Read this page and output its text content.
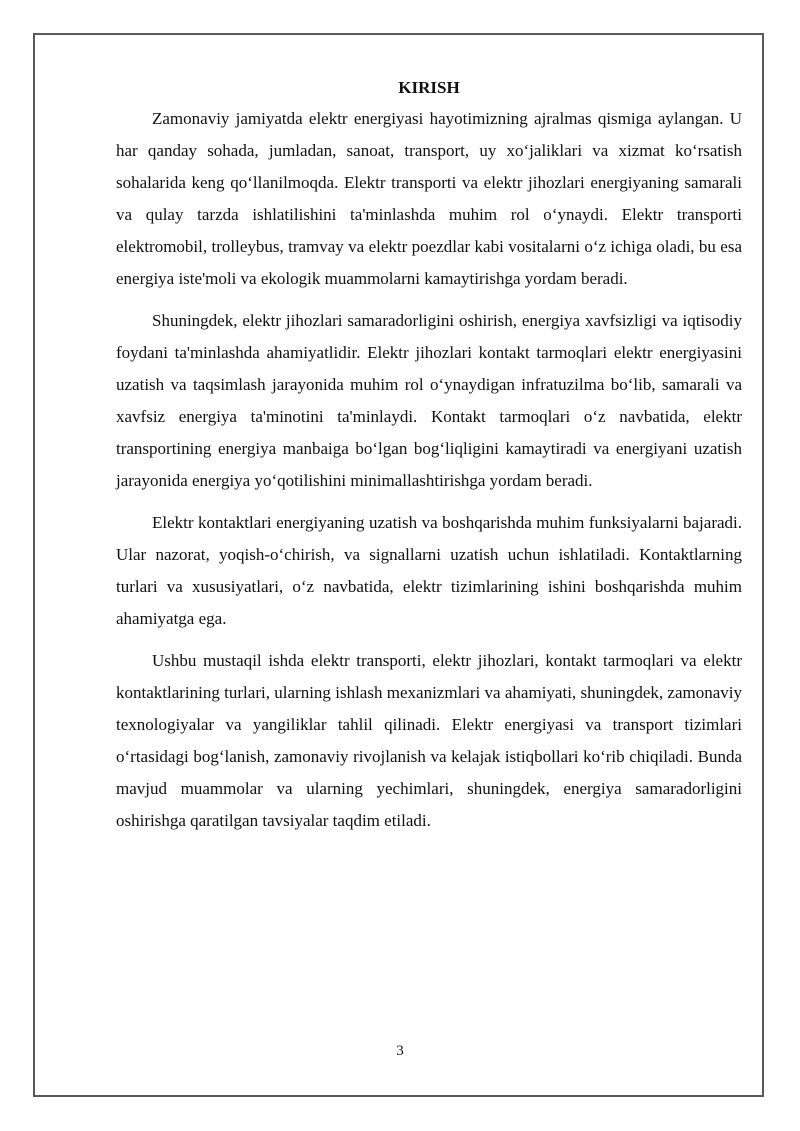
KIRISH

Zamonaviy jamiyatda elektr energiyasi hayotimizning ajralmas qismiga aylangan. U har qanday sohada, jumladan, sanoat, transport, uy xo‘jaliklari va xizmat ko‘rsatish sohalarida keng qo‘llanilmoqda. Elektr transporti va elektr jihozlari energiyaning samarali va qulay tarzda ishlatilishini ta'minlashda muhim rol o‘ynaydi. Elektr transporti elektromobil, trolleybus, tramvay va elektr poezdlar kabi vositalarni o‘z ichiga oladi, bu esa energiya iste'moli va ekologik muammolarni kamaytirishga yordam beradi.

Shuningdek, elektr jihozlari samaradorligini oshirish, energiya xavfsizligi va iqtisodiy foydani ta'minlashda ahamiyatlidir. Elektr jihozlari kontakt tarmoqlari elektr energiyasini uzatish va taqsimlash jarayonida muhim rol o‘ynaydigan infratuzilma bo‘lib, samarali va xavfsiz energiya ta'minotini ta'minlaydi. Kontakt tarmoqlari o‘z navbatida, elektr transportining energiya manbaiga bo‘lgan bog‘liqligini kamaytiradi va energiyani uzatish jarayonida energiya yo‘qotilishini minimallashtirishga yordam beradi.

Elektr kontaktlari energiyaning uzatish va boshqarishda muhim funksiyalarni bajaradi. Ular nazorat, yoqish-o‘chirish, va signallarni uzatish uchun ishlatiladi. Kontaktlarning turlari va xususiyatlari, o‘z navbatida, elektr tizimlarining ishini boshqarishda muhim ahamiyatga ega.

Ushbu mustaqil ishda elektr transporti, elektr jihozlari, kontakt tarmoqlari va elektr kontaktlarining turlari, ularning ishlash mexanizmlari va ahamiyati, shuningdek, zamonaviy texnologiyalar va yangiliklar tahlil qilinadi. Elektr energiyasi va transport tizimlari o‘rtasidagi bog‘lanish, zamonaviy rivojlanish va kelajak istiqbollari ko‘rib chiqiladi. Bunda mavjud muammolar va ularning yechimlari, shuningdek, energiya samaradorligini oshirishga qaratilgan tavsiyalar taqdim etiladi.

3
